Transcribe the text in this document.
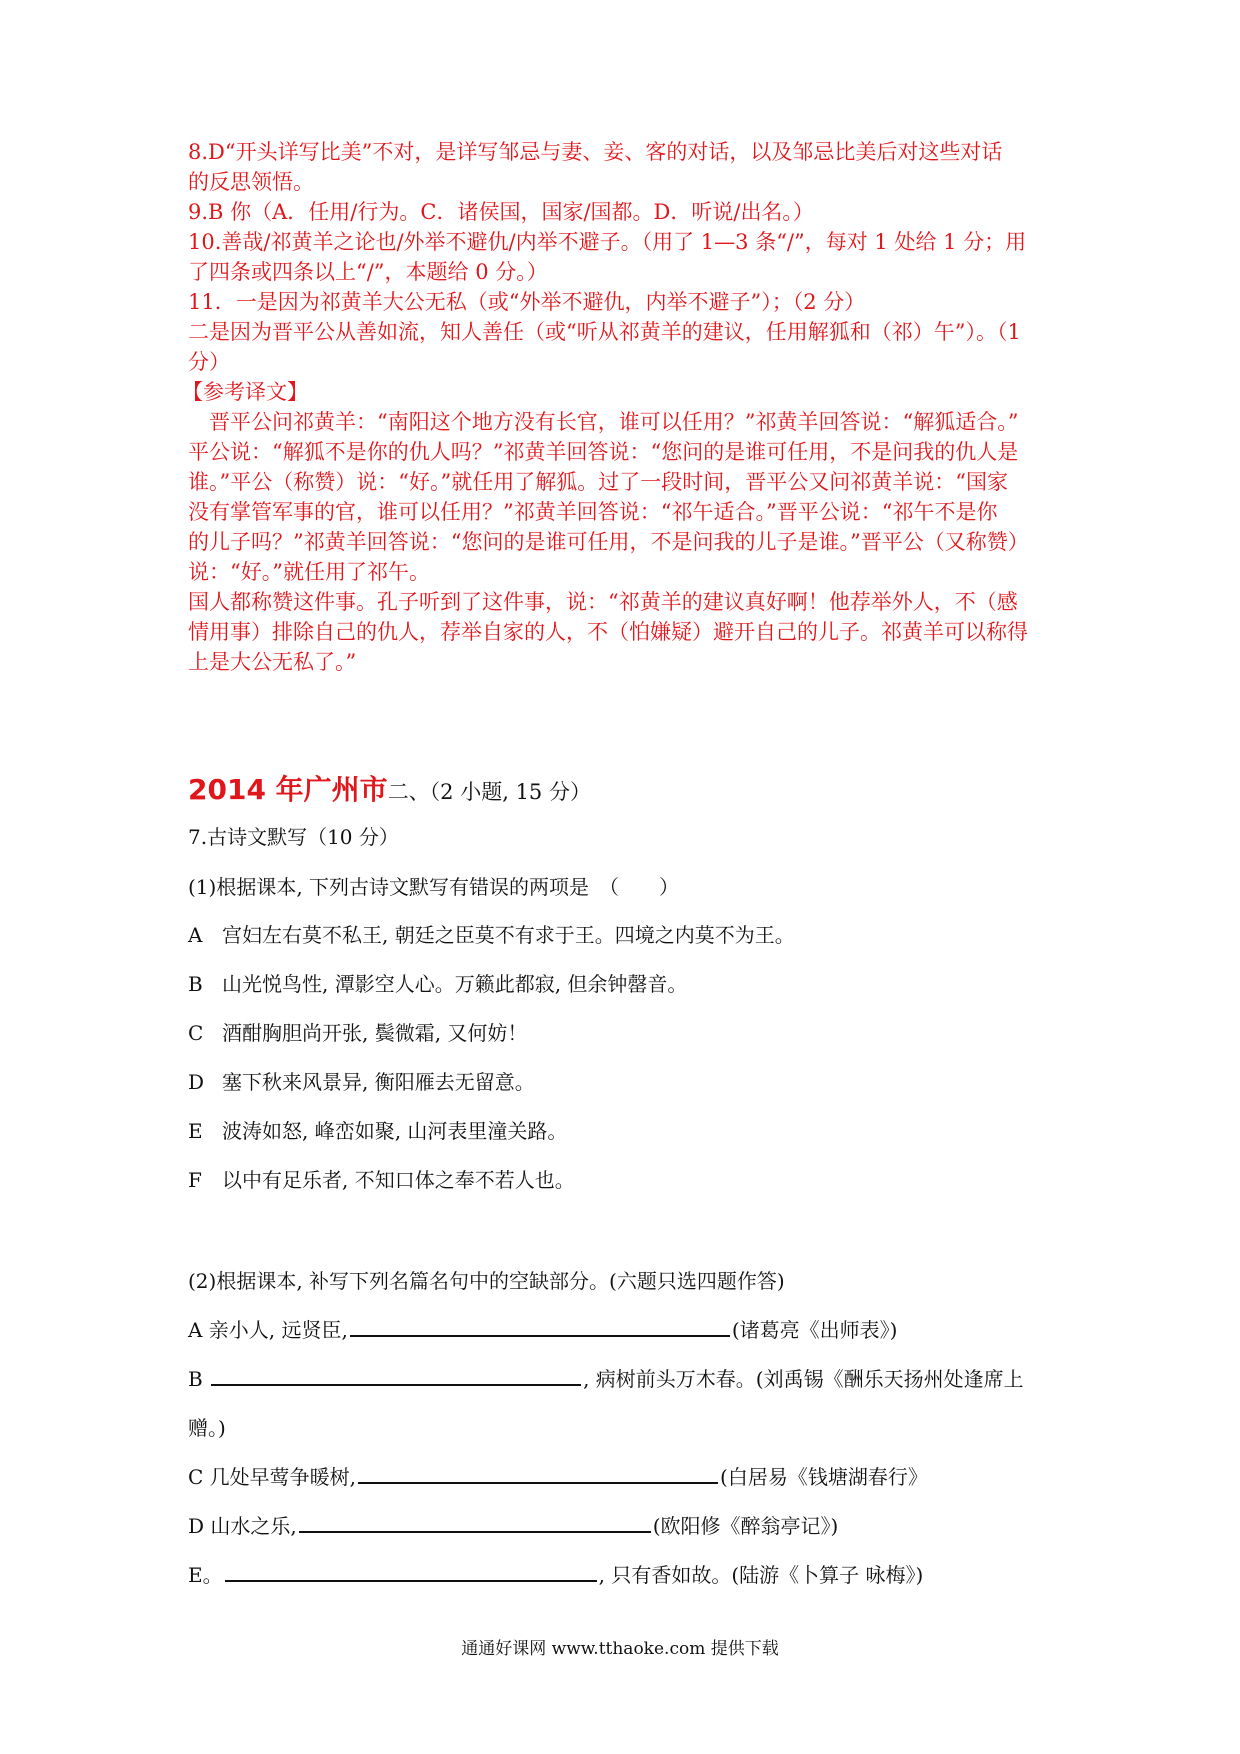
8.D“开头详写比美”不对，是详写邹忌与妻、妾、客的对话，以及邹忌比美后对这些对话
的反思领悟。
9.B 你（A．任用/行为。C．诸侯国，国家/国都。D．听说/出名。）
10.善哉/祁黄羊之论也/外举不避仇/内举不避子。（用了 1—3 条“/”，每对 1 处给 1 分；用
了四条或四条以上“/”，本题给 0 分。）
11．一是因为祁黄羊大公无私（或“外举不避仇，内举不避子”）；（2 分）
二是因为晋平公从善如流，知人善任（或“听从祁黄羊的建议，任用解狐和（祁）午”）。（1
分）
【参考译文】
　晋平公问祁黄羊：“南阳这个地方没有长官，谁可以任用？”祁黄羊回答说：“解狐适合。”
平公说：“解狐不是你的仇人吗？”祁黄羊回答说：“您问的是谁可任用，不是问我的仇人是
谁。”平公（称赞）说：“好。”就任用了解狐。过了一段时间，晋平公又问祁黄羊说：“国家
没有掌管军事的官，谁可以任用？”祁黄羊回答说：“祁午适合。”晋平公说：“祁午不是你
的儿子吗？”祁黄羊回答说：“您问的是谁可任用，不是问我的儿子是谁。”晋平公（又称赞）
说：“好。”就任用了祁午。
国人都称赞这件事。孔子听到了这件事，说：“祁黄羊的建议真好啊！他荐举外人，不（感
情用事）排除自己的仇人，荐举自家的人，不（怕嫌疑）避开自己的儿子。祁黄羊可以称得
上是大公无私了。”
2014 年广州市二、（2 小题, 15 分）
7.古诗文默写（10 分）
(1)根据课本, 下列古诗文默写有错误的两项是　（　　）
A 宫妇左右莫不私王, 朝廷之臣莫不有求于王。四境之内莫不为王。
B 山光悦鸟性, 潭影空人心。万籁此都寂, 但余钟罄音。
C 酒酣胸胆尚开张, 鬓微霜, 又何妨！
D 塞下秋来风景异, 衡阳雁去无留意。
E 波涛如怒, 峰峦如聚, 山河表里潼关路。
F 以中有足乐者, 不知口体之奉不若人也。
(2)根据课本, 补写下列名篇名句中的空缺部分。(六题只选四题作答)
A 亲小人, 远贤臣,	(诸葛亮《出师表》)
B	, 病树前头万木春。(刘禹锡《酬乐天扬州处逢席上
赠。)
C 几处早莺争暖树,	(白居易《钱塘湖春行》
D 山水之乐,	(欧阳修《醉翁亭记》)
E。	, 只有香如故。(陆游《卜算子 咏梅》)
通通好课网 www.tthaoke.com 提供下载
